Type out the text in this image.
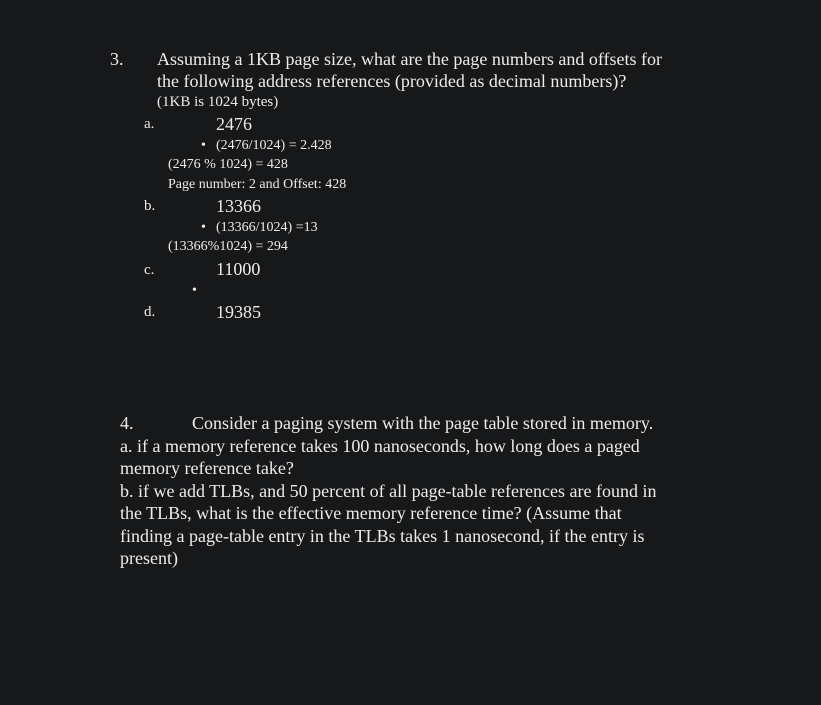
3. Assuming a 1KB page size, what are the page numbers and offsets for
the following address references (provided as decimal numbers)?
(1KB is 1024 bytes)
a.	2476
• (2476/1024) = 2.428
(2476 % 1024) = 428
Page number: 2 and Offset: 428
b.	13366
• (13366/1024) =13
(13366%1024) = 294
c.	11000
•
d.	19385
4.	Consider a paging system with the page table stored in memory.
a. if a memory reference takes 100 nanoseconds, how long does a paged
memory reference take?
b. if we add TLBs, and 50 percent of all page-table references are found in
the TLBs, what is the effective memory reference time? (Assume that
finding a page-table entry in the TLBs takes 1 nanosecond, if the entry is
present)
